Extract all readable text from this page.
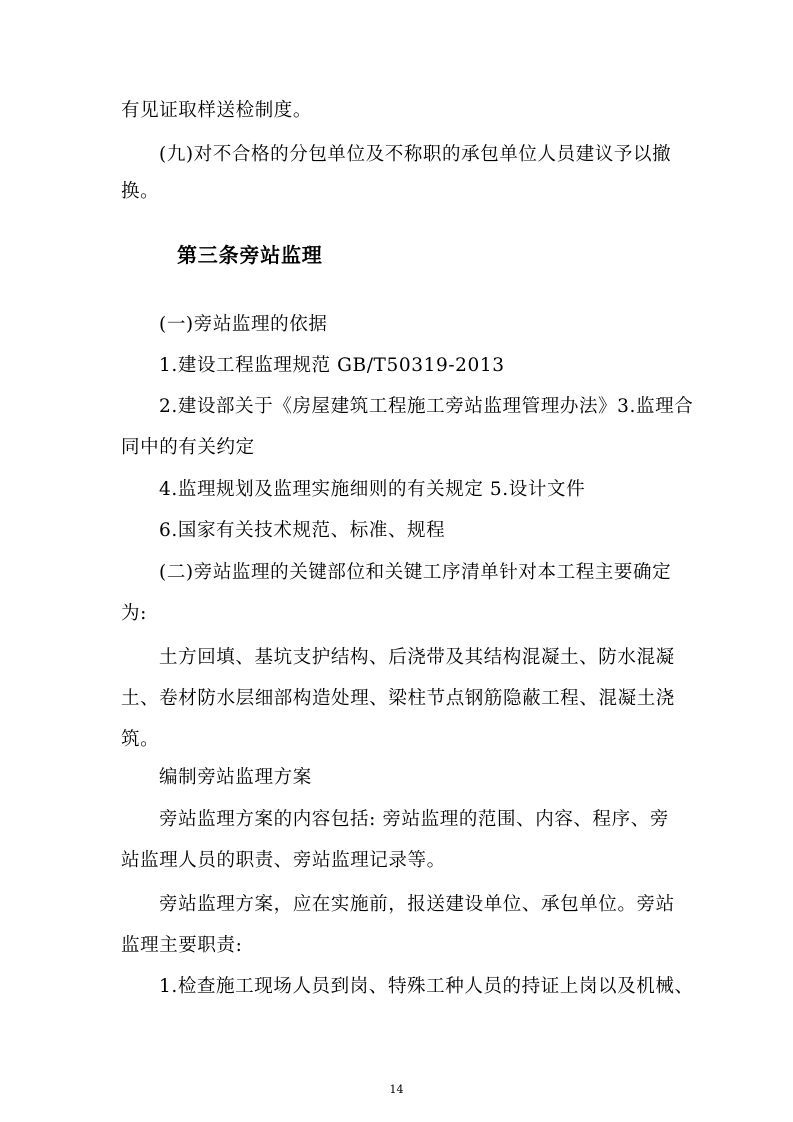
有见证取样送检制度。
(九)对不合格的分包单位及不称职的承包单位人员建议予以撤
换。
第三条旁站监理
(一)旁站监理的依据
1.建设工程监理规范 GB/T50319-2013
2.建设部关于《房屋建筑工程施工旁站监理管理办法》3.监理合
同中的有关约定
4.监理规划及监理实施细则的有关规定 5.设计文件
6.国家有关技术规范、标准、规程
(二)旁站监理的关键部位和关键工序清单针对本工程主要确定
为:
土方回填、基坑支护结构、后浇带及其结构混凝土、防水混凝
土、卷材防水层细部构造处理、梁柱节点钢筋隐蔽工程、混凝土浇
筑。
编制旁站监理方案
旁站监理方案的内容包括: 旁站监理的范围、内容、程序、旁
站监理人员的职责、旁站监理记录等。
旁站监理方案，应在实施前，报送建设单位、承包单位。旁站
监理主要职责:
1.检查施工现场人员到岗、特殊工种人员的持证上岗以及机械、
14
